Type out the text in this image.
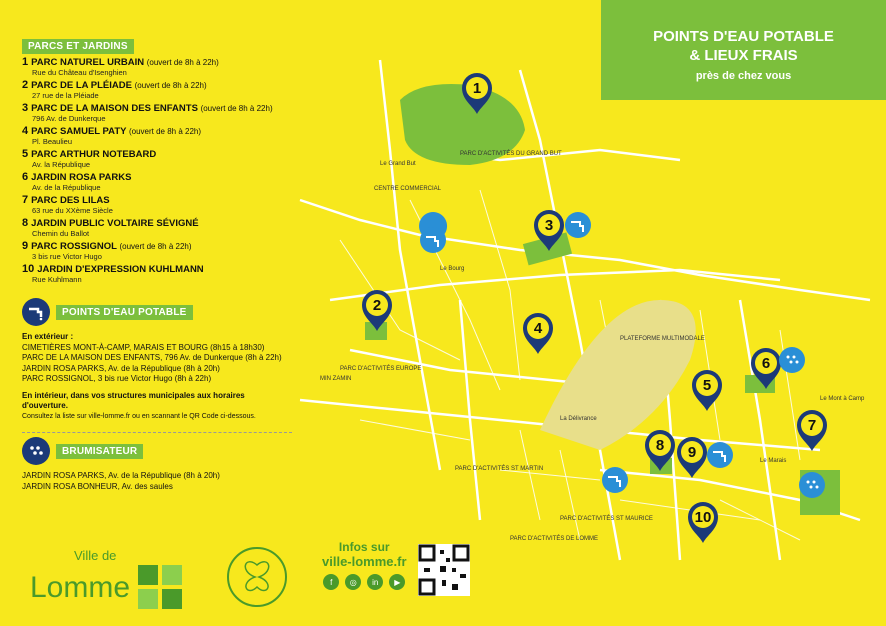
CENTRE COMMERCIAL
Le Grand But
PLATEFORME MULTIMODALE
PARC D'ACTIVITÉS EUROPE
PARC D'ACTIVITÉS ST MARTIN
PARC D'ACTIVITÉS DU GRAND BUT
MIN ZAMIN
Le Bourg
Le Mont à Camp
Le Marais
La Délivrance
PARC D'ACTIVITÉS ST MAURICE
PARC D'ACTIVITÉS DE LOMME
1
2
3
4
5
6
7
8 9
10
POINTS D'EAU POTABLE
& LIEUX FRAIS
près de chez vous
PARCS ET JARDINS
1 PARC NATUREL URBAIN (ouvert de 8h à 22h)
Rue du Château d'Isenghien
2 PARC DE LA PLÉIADE (ouvert de 8h à 22h)
27 rue de la Pléiade
3 PARC DE LA MAISON DES ENFANTS (ouvert de 8h à 22h)
796 Av. de Dunkerque
4 PARC SAMUEL PATY (ouvert de 8h à 22h)
Pl. Beaulieu
5 PARC ARTHUR NOTEBARD
Av. la République
6 JARDIN ROSA PARKS
Av. de la République
7 PARC DES LILAS
63 rue du XXème Siècle
8 JARDIN PUBLIC VOLTAIRE SÉVIGNÉ
Chemin du Ballot
9 PARC ROSSIGNOL (ouvert de 8h à 22h)
3 bis rue Victor Hugo
10 JARDIN D'EXPRESSION KUHLMANN
Rue Kuhlmann
POINTS D'EAU POTABLE
En extérieur :
CIMETIÈRES MONT-À-CAMP, MARAIS ET BOURG (8h15 à 18h30)
PARC DE LA MAISON DES ENFANTS, 796 Av. de Dunkerque (8h à 22h)
JARDIN ROSA PARKS, Av. de la République (8h à 20h)
PARC ROSSIGNOL, 3 bis rue Victor Hugo (8h à 22h)
En intérieur, dans vos structures municipales aux horaires d'ouverture.
Consultez la liste sur ville-lomme.fr ou en scannant le QR Code ci-dessous.
BRUMISATEUR
JARDIN ROSA PARKS, Av. de la République (8h à 20h)
JARDIN ROSA BONHEUR, Av. des saules
Ville de
Lomme
Infos sur
ville-lomme.fr
f	◎	in	▶
